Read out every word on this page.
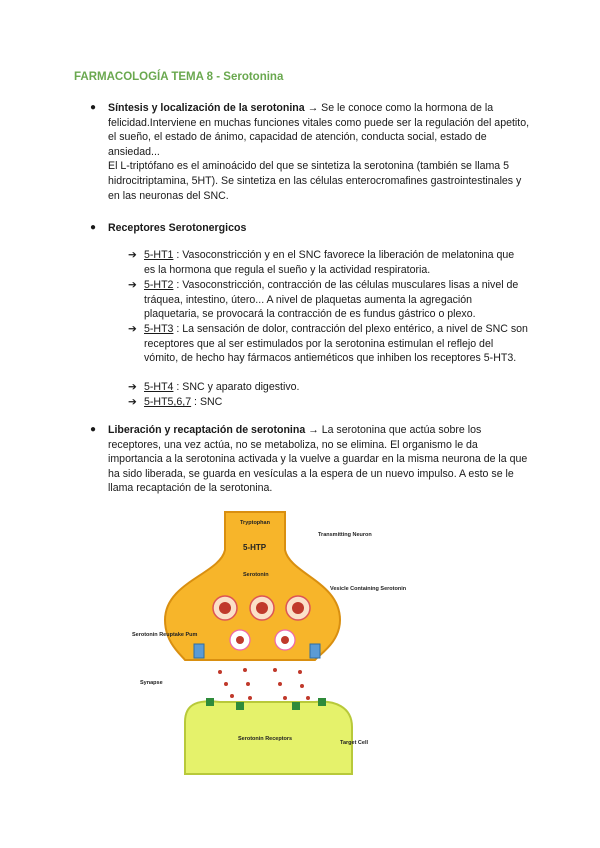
FARMACOLOGÍA TEMA 8 - Serotonina
● Síntesis y localización de la serotonina → Se le conoce como la hormona de la felicidad.Interviene en muchas funciones vitales como puede ser la regulación del apetito, el sueño, el estado de ánimo, capacidad de atención, conducta social, estado de ansiedad...
El L-triptófano es el aminoácido del que se sintetiza la serotonina (también se llama 5 hidrocitriptamina, 5HT). Se sintetiza en las células enterocromafines gastrointestinales y en las neuronas del SNC.
● Receptores Serotonergicos
➔ 5-HT1 : Vasoconstricción y en el SNC favorece la liberación de melatonina que es la hormona que regula el sueño y la actividad respiratoria.
➔ 5-HT2 : Vasoconstricción, contracción de las células musculares lisas a nivel de tráquea, intestino, útero... A nivel de plaquetas aumenta la agregación plaquetaria, se provocará la contracción de es fundus gástrico o plexo.
➔ 5-HT3 : La sensación de dolor, contracción del plexo entérico, a nivel de SNC son receptores que al ser estimulados por la serotonina estimulan el reflejo del vómito, de hecho hay fármacos antieméticos que inhiben los receptores 5-HT3.
➔ 5-HT4 : SNC y aparato digestivo.
➔ 5-HT5,6,7 : SNC
● Liberación y recaptación de serotonina → La serotonina que actúa sobre los receptores, una vez actúa, no se metaboliza, no se elimina. El organismo le da importancia a la serotonina activada y la vuelve a guardar en la misma neurona de la que ha sido liberada, se guarda en vesículas a la espera de un nuevo impulso. A esto se le llama recaptación de la serotonina.
Tryptophan
5-HTP
Serotonin
Transmitting Neuron
Vesicle Containing Serotonin
Serotonin Reuptake Pum
Synapse
Serotonin Receptors
Target Cell
